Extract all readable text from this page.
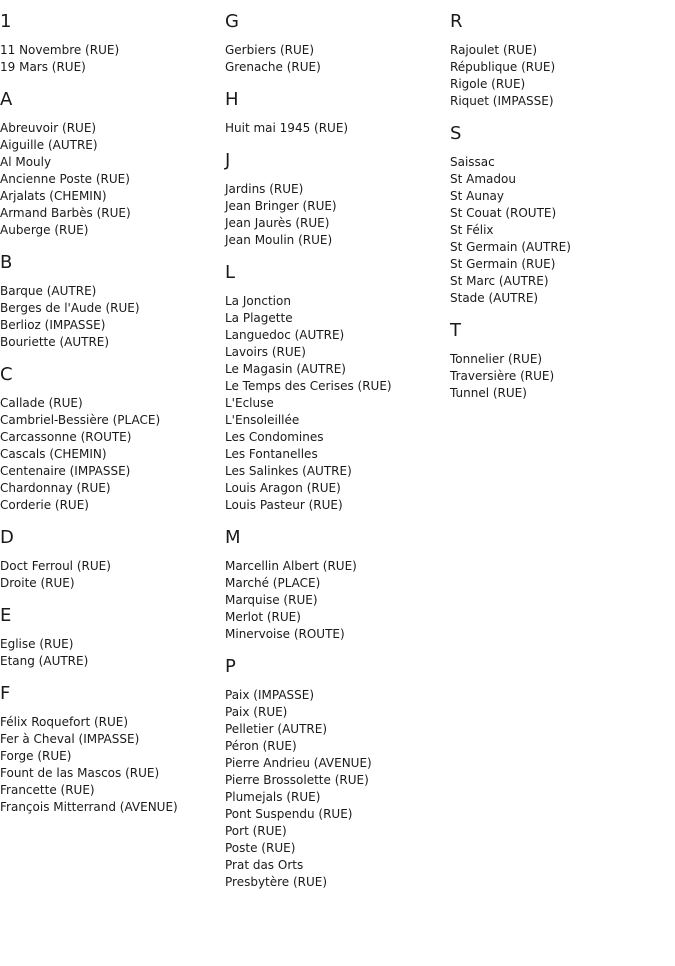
1
11 Novembre (RUE)
19 Mars (RUE)
A
Abreuvoir (RUE)
Aiguille (AUTRE)
Al Mouly
Ancienne Poste (RUE)
Arjalats (CHEMIN)
Armand Barbès (RUE)
Auberge (RUE)
B
Barque (AUTRE)
Berges de l'Aude (RUE)
Berlioz (IMPASSE)
Bouriette (AUTRE)
C
Callade (RUE)
Cambriel-Bessière (PLACE)
Carcassonne (ROUTE)
Cascals (CHEMIN)
Centenaire (IMPASSE)
Chardonnay (RUE)
Corderie (RUE)
D
Doct Ferroul (RUE)
Droite (RUE)
E
Eglise (RUE)
Etang (AUTRE)
F
Félix Roquefort (RUE)
Fer à Cheval (IMPASSE)
Forge (RUE)
Fount de las Mascos (RUE)
Francette (RUE)
François Mitterrand (AVENUE)
G
Gerbiers (RUE)
Grenache (RUE)
H
Huit mai 1945 (RUE)
J
Jardins (RUE)
Jean Bringer (RUE)
Jean Jaurès (RUE)
Jean Moulin (RUE)
L
La Jonction
La Plagette
Languedoc (AUTRE)
Lavoirs (RUE)
Le Magasin (AUTRE)
Le Temps des Cerises (RUE)
L'Ecluse
L'Ensoleillée
Les Condomines
Les Fontanelles
Les Salinkes (AUTRE)
Louis Aragon (RUE)
Louis Pasteur (RUE)
M
Marcellin Albert (RUE)
Marché (PLACE)
Marquise (RUE)
Merlot (RUE)
Minervoise (ROUTE)
P
Paix (IMPASSE)
Paix (RUE)
Pelletier (AUTRE)
Péron (RUE)
Pierre Andrieu (AVENUE)
Pierre Brossolette (RUE)
Plumejals (RUE)
Pont Suspendu (RUE)
Port (RUE)
Poste (RUE)
Prat das Orts
Presbytère (RUE)
R
Rajoulet (RUE)
République (RUE)
Rigole (RUE)
Riquet (IMPASSE)
S
Saissac
St Amadou
St Aunay
St Couat (ROUTE)
St Félix
St Germain (AUTRE)
St Germain (RUE)
St Marc (AUTRE)
Stade (AUTRE)
T
Tonnelier (RUE)
Traversière (RUE)
Tunnel (RUE)
